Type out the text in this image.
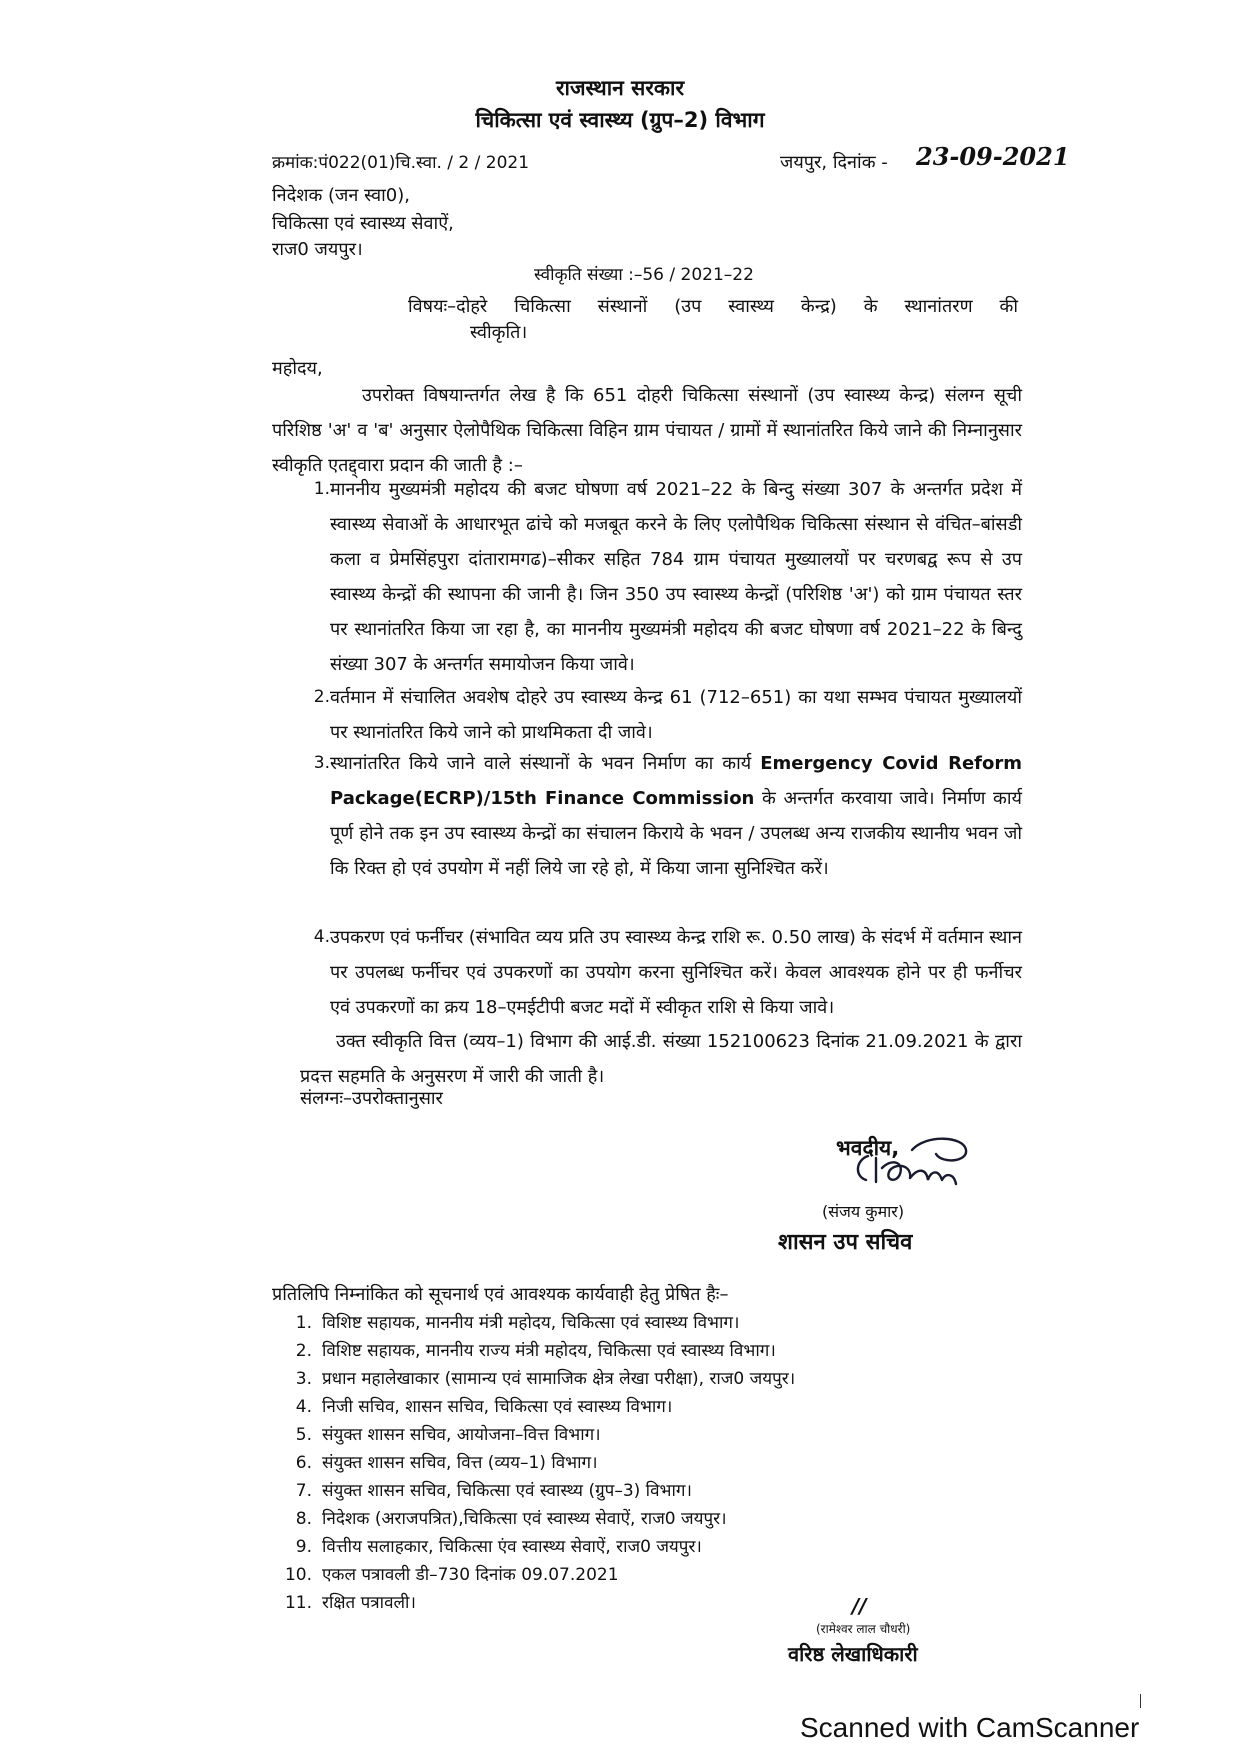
राजस्थान सरकार
चिकित्सा एवं स्वास्थ्य (ग्रुप–2) विभाग
क्रमांक:पं022(01)चि.स्वा. / 2 / 2021	जयपुर, दिनांक - 23-09-2021
निदेशक (जन स्वा0),
चिकित्सा एवं स्वास्थ्य सेवाऐं,
राज0 जयपुर।
स्वीकृति संख्या :–56 / 2021–22
विषयः–दोहरे चिकित्सा संस्थानों (उप स्वास्थ्य केन्द्र) के स्थानांतरण की
स्वीकृति।
महोदय,
उपरोक्त विषयान्तर्गत लेख है कि 651 दोहरी चिकित्सा संस्थानों (उप स्वास्थ्य केन्द्र) संलग्न सूची परिशिष्ठ 'अ' व 'ब' अनुसार ऐलोपैथिक चिकित्सा विहिन ग्राम पंचायत / ग्रामों में स्थानांतरित किये जाने की निम्नानुसार स्वीकृति एतद्द्वारा प्रदान की जाती है :–
1. माननीय मुख्यमंत्री महोदय की बजट घोषणा वर्ष 2021–22 के बिन्दु संख्या 307 के अन्तर्गत प्रदेश में स्वास्थ्य सेवाओं के आधारभूत ढांचे को मजबूत करने के लिए एलोपैथिक चिकित्सा संस्थान से वंचित–बांसडी कला व प्रेमसिंहपुरा दांतारामगढ)–सीकर सहित 784 ग्राम पंचायत मुख्यालयों पर चरणबद्व रूप से उप स्वास्थ्य केन्द्रों की स्थापना की जानी है। जिन 350 उप स्वास्थ्य केन्द्रों (परिशिष्ठ 'अ') को ग्राम पंचायत स्तर पर स्थानांतरित किया जा रहा है, का माननीय मुख्यमंत्री महोदय की बजट घोषणा वर्ष 2021–22 के बिन्दु संख्या 307 के अन्तर्गत समायोजन किया जावे।
2. वर्तमान में संचालित अवशेष दोहरे उप स्वास्थ्य केन्द्र 61 (712–651) का यथा सम्भव पंचायत मुख्यालयों पर स्थानांतरित किये जाने को प्राथमिकता दी जावे।
3. स्थानांतरित किये जाने वाले संस्थानों के भवन निर्माण का कार्य Emergency Covid Reform Package(ECRP)/15th Finance Commission के अन्तर्गत करवाया जावे। निर्माण कार्य पूर्ण होने तक इन उप स्वास्थ्य केन्द्रों का संचालन किराये के भवन / उपलब्ध अन्य राजकीय स्थानीय भवन जो कि रिक्त हो एवं उपयोग में नहीं लिये जा रहे हो, में किया जाना सुनिश्चित करें।
4. उपकरण एवं फर्नीचर (संभावित व्यय प्रति उप स्वास्थ्य केन्द्र राशि रू. 0.50 लाख) के संदर्भ में वर्तमान स्थान पर उपलब्ध फर्नीचर एवं उपकरणों का उपयोग करना सुनिश्चित करें। केवल आवश्यक होने पर ही फर्नीचर एवं उपकरणों का क्रय 18–एमईटीपी बजट मदों में स्वीकृत राशि से किया जावे।
उक्त स्वीकृति वित्त (व्यय–1) विभाग की आई.डी. संख्या 152100623 दिनांक 21.09.2021 के द्वारा प्रदत्त सहमति के अनुसरण में जारी की जाती है।
संलग्नः–उपरोक्तानुसार
भवदीय,
(संजय कुमार)
शासन उप सचिव
प्रतिलिपि निम्नांकित को सूचनार्थ एवं आवश्यक कार्यवाही हेतु प्रेषित हैः–
1. विशिष्ट सहायक, माननीय मंत्री महोदय, चिकित्सा एवं स्वास्थ्य विभाग।
2. विशिष्ट सहायक, माननीय राज्य मंत्री महोदय, चिकित्सा एवं स्वास्थ्य विभाग।
3. प्रधान महालेखाकार (सामान्य एवं सामाजिक क्षेत्र लेखा परीक्षा), राज0 जयपुर।
4. निजी सचिव, शासन सचिव, चिकित्सा एवं स्वास्थ्य विभाग।
5. संयुक्त शासन सचिव, आयोजना–वित्त विभाग।
6. संयुक्त शासन सचिव, वित्त (व्यय–1) विभाग।
7. संयुक्त शासन सचिव, चिकित्सा एवं स्वास्थ्य (ग्रुप–3) विभाग।
8. निदेशक (अराजपत्रित),चिकित्सा एवं स्वास्थ्य सेवाऐं, राज0 जयपुर।
9. वित्तीय सलाहकार, चिकित्सा एंव स्वास्थ्य सेवाऐं, राज0 जयपुर।
10. एकल पत्रावली डी–730 दिनांक 09.07.2021
11. रक्षित पत्रावली।	//
(रामेश्वर लाल चौधरी)
वरिष्ठ लेखाधिकारी
Scanned with CamScanner
